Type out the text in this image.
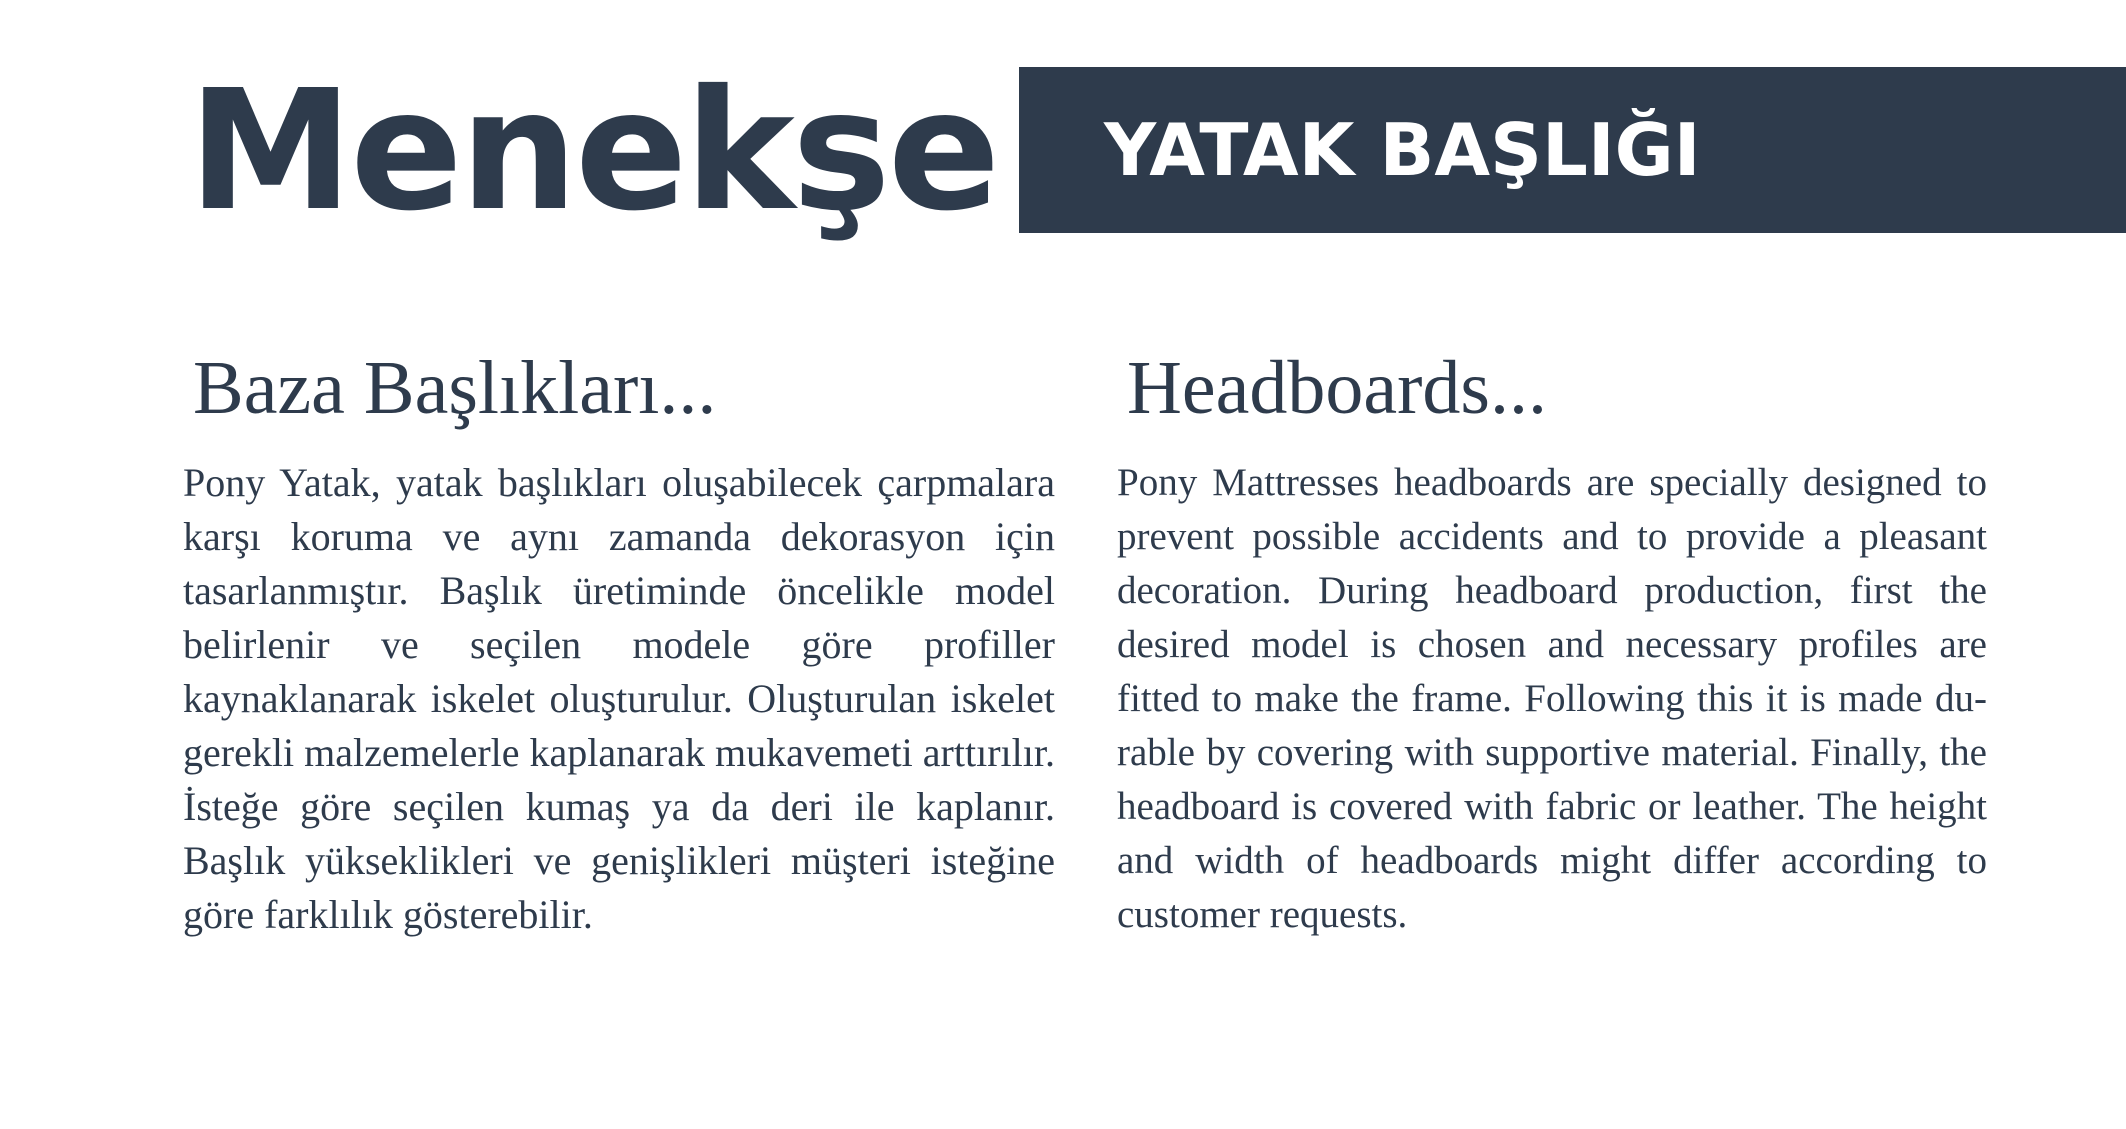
Menekşe YATAK BAŞLIĞI
Baza Başlıkları...

Pony Yatak, yatak başlıkları oluşabilecek çarpmalara karşı koruma ve aynı zamanda dekorasyon için tasarlanmıştır. Başlık üretiminde öncelikle model belirlenir ve seçilen modele göre profiller kaynaklanarak iskelet oluşturulur. Oluşturulan iskelet gerekli malzemelerle kaplanarak mukavemeti arttırılır. İsteğe göre seçilen kumaş ya da deri ile kaplanır. Başlık yükseklikleri ve genişlikleri müşteri isteğine göre farklılık gösterebilir.

Headboards...

Pony Mattresses headboards are specially designed to prevent possible accidents and to provide a pleasant decoration. During headboard production, first the desired model is chosen and necessary profiles are fitted to make the frame. Following this it is made durable by covering with supportive material. Finally, the headboard is covered with fabric or leather. The height and width of headboards might differ according to customer requests.
